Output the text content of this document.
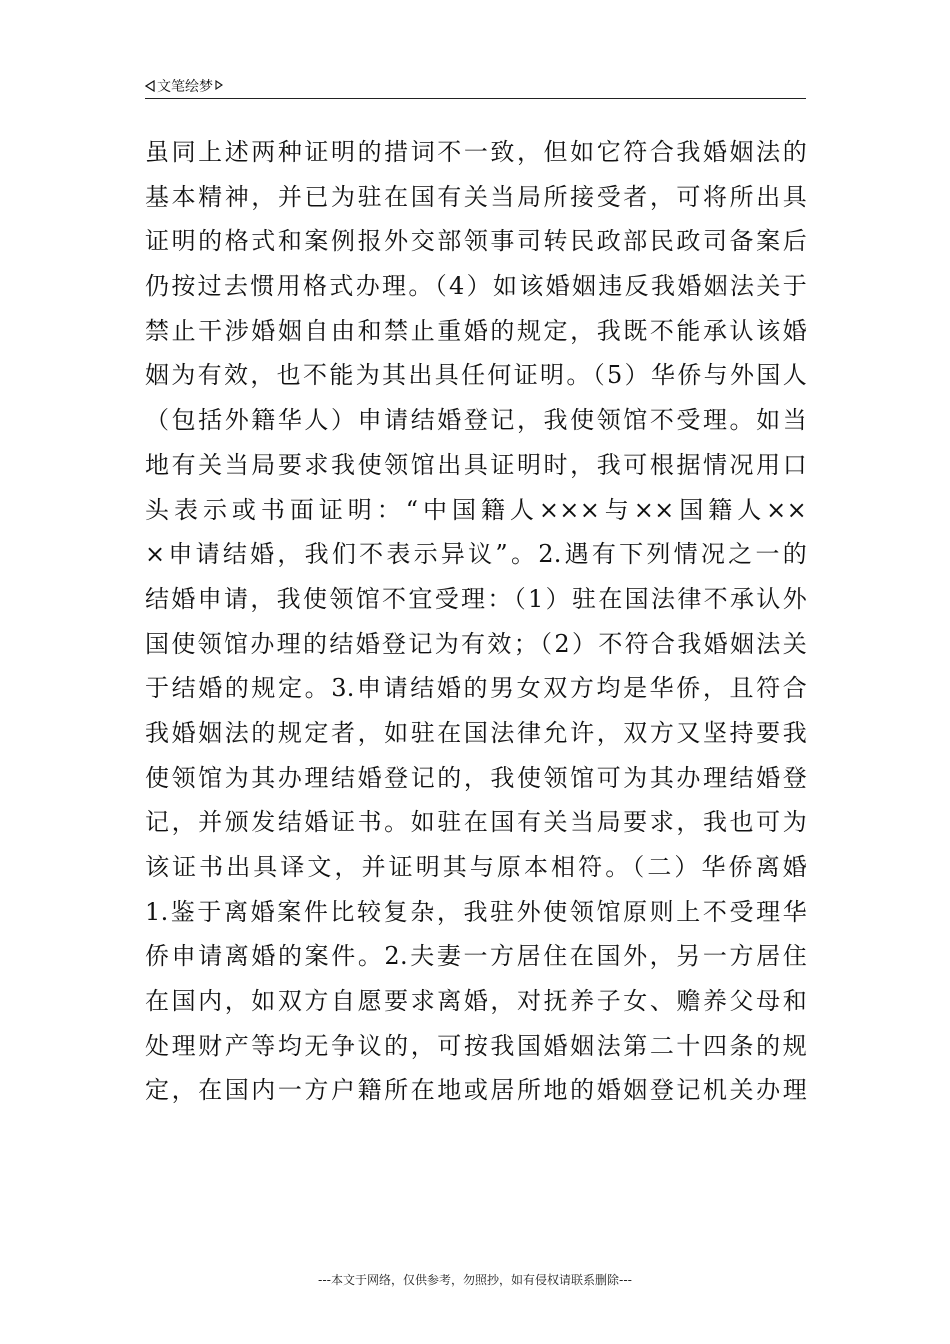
文笔绘梦
虽同上述两种证明的措词不一致，但如它符合我婚姻法的
基本精神，并已为驻在国有关当局所接受者，可将所出具
证明的格式和案例报外交部领事司转民政部民政司备案后
仍按过去惯用格式办理。（4）如该婚姻违反我婚姻法关于
禁止干涉婚姻自由和禁止重婚的规定，我既不能承认该婚
姻为有效，也不能为其出具任何证明。（5）华侨与外国人
（包括外籍华人）申请结婚登记，我使领馆不受理。如当
地有关当局要求我使领馆出具证明时，我可根据情况用口
头表示或书面证明：“中国籍人×××与××国籍人××
×申请结婚，我们不表示异议”。2.遇有下列情况之一的
结婚申请，我使领馆不宜受理：（1）驻在国法律不承认外
国使领馆办理的结婚登记为有效；（2）不符合我婚姻法关
于结婚的规定。3.申请结婚的男女双方均是华侨，且符合
我婚姻法的规定者，如驻在国法律允许，双方又坚持要我
使领馆为其办理结婚登记的，我使领馆可为其办理结婚登
记，并颁发结婚证书。如驻在国有关当局要求，我也可为
该证书出具译文，并证明其与原本相符。（二）华侨离婚
1.鉴于离婚案件比较复杂，我驻外使领馆原则上不受理华
侨申请离婚的案件。2.夫妻一方居住在国外，另一方居住
在国内，如双方自愿要求离婚，对抚养子女、赡养父母和
处理财产等均无争议的，可按我国婚姻法第二十四条的规
定，在国内一方户籍所在地或居所地的婚姻登记机关办理
---本文于网络，仅供参考，勿照抄，如有侵权请联系删除---
